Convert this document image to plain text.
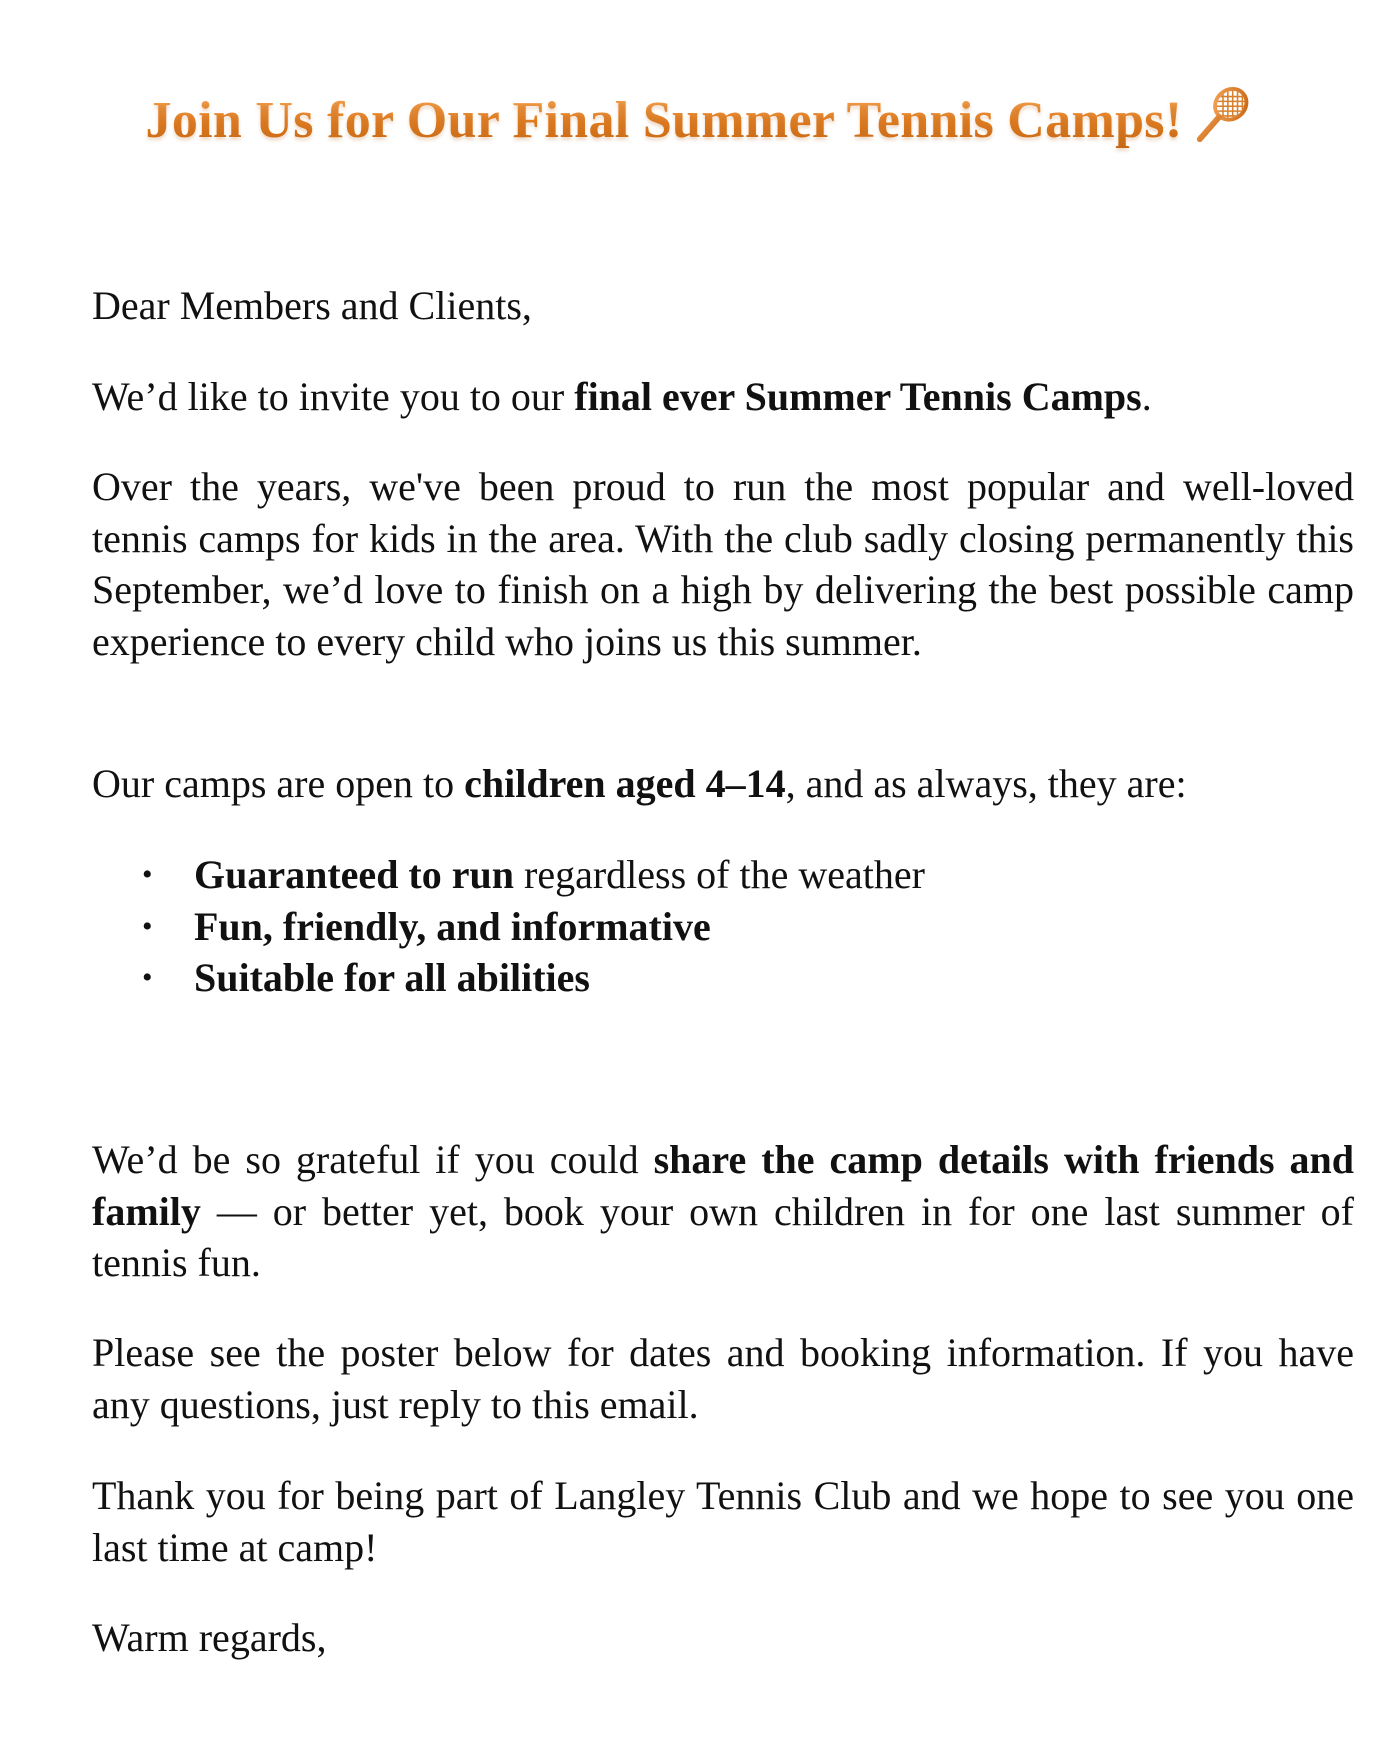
Join Us for Our Final Summer Tennis Camps!

Dear Members and Clients,

We’d like to invite you to our final ever Summer Tennis Camps.

Over the years, we've been proud to run the most popular and well-loved tennis camps for kids in the area. With the club sadly closing permanently this September, we’d love to finish on a high by delivering the best possible camp experience to every child who joins us this summer.

Our camps are open to children aged 4–14, and as always, they are:

• Guaranteed to run regardless of the weather
• Fun, friendly, and informative
• Suitable for all abilities

We’d be so grateful if you could share the camp details with friends and family — or better yet, book your own children in for one last summer of tennis fun.

Please see the poster below for dates and booking information. If you have any questions, just reply to this email.

Thank you for being part of Langley Tennis Club and we hope to see you one last time at camp!

Warm regards,
